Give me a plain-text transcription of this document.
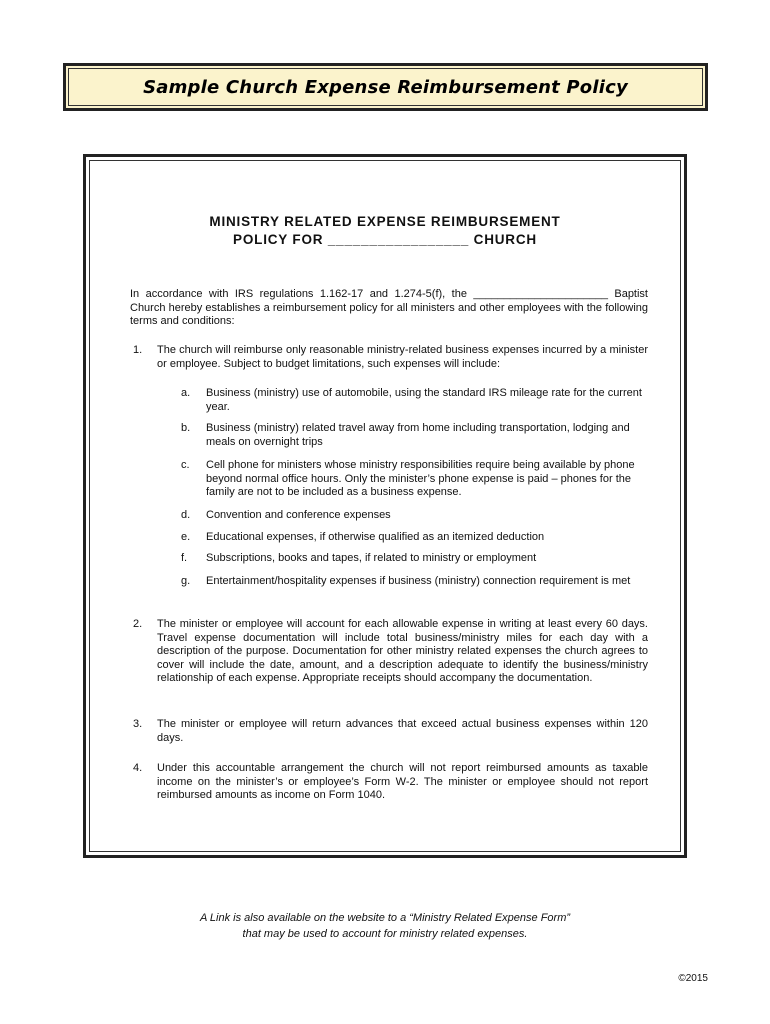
Sample Church Expense Reimbursement Policy
MINISTRY RELATED EXPENSE REIMBURSEMENT
POLICY FOR _________________ CHURCH
In accordance with IRS regulations 1.162-17 and 1.274-5(f), the ______________________ Baptist Church hereby establishes a reimbursement policy for all ministers and other employees with the following terms and conditions:
1. The church will reimburse only reasonable ministry-related business expenses incurred by a minister or employee. Subject to budget limitations, such expenses will include:
a. Business (ministry) use of automobile, using the standard IRS mileage rate for the current year.
b. Business (ministry) related travel away from home including transportation, lodging and meals on overnight trips
c. Cell phone for ministers whose ministry responsibilities require being available by phone beyond normal office hours. Only the minister’s phone expense is paid – phones for the family are not to be included as a business expense.
d. Convention and conference expenses
e. Educational expenses, if otherwise qualified as an itemized deduction
f. Subscriptions, books and tapes, if related to ministry or employment
g. Entertainment/hospitality expenses if business (ministry) connection requirement is met
2. The minister or employee will account for each allowable expense in writing at least every 60 days. Travel expense documentation will include total business/ministry miles for each day with a description of the purpose. Documentation for other ministry related expenses the church agrees to cover will include the date, amount, and a description adequate to identify the business/ministry relationship of each expense. Appropriate receipts should accompany the documentation.
3. The minister or employee will return advances that exceed actual business expenses within 120 days.
4. Under this accountable arrangement the church will not report reimbursed amounts as taxable income on the minister’s or employee’s Form W-2. The minister or employee should not report reimbursed amounts as income on Form 1040.
A Link is also available on the website to a “Ministry Related Expense Form”
that may be used to account for ministry related expenses.
©2015
